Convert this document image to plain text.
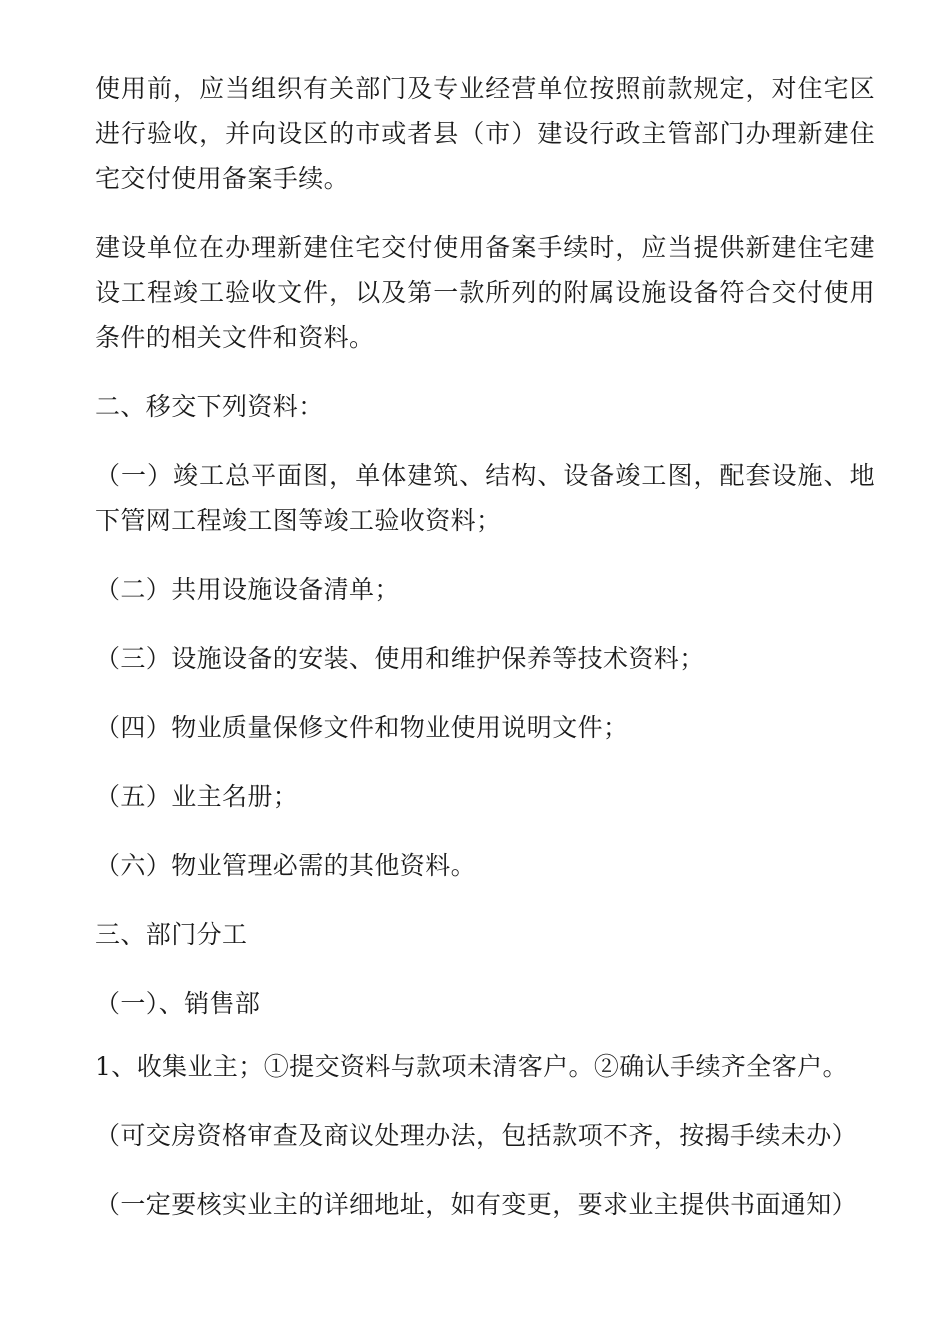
使用前，应当组织有关部门及专业经营单位按照前款规定，对住宅区进行验收，并向设区的市或者县（市）建设行政主管部门办理新建住宅交付使用备案手续。

建设单位在办理新建住宅交付使用备案手续时，应当提供新建住宅建设工程竣工验收文件，以及第一款所列的附属设施设备符合交付使用条件的相关文件和资料。

二、移交下列资料：

（一）竣工总平面图，单体建筑、结构、设备竣工图，配套设施、地下管网工程竣工图等竣工验收资料；

（二）共用设施设备清单；

（三）设施设备的安装、使用和维护保养等技术资料；

（四）物业质量保修文件和物业使用说明文件；

（五）业主名册；

（六）物业管理必需的其他资料。

三、部门分工

（一）、销售部

1、收集业主；①提交资料与款项未清客户。②确认手续齐全客户。

（可交房资格审查及商议处理办法，包括款项不齐，按揭手续未办）

（一定要核实业主的详细地址，如有变更，要求业主提供书面通知）
